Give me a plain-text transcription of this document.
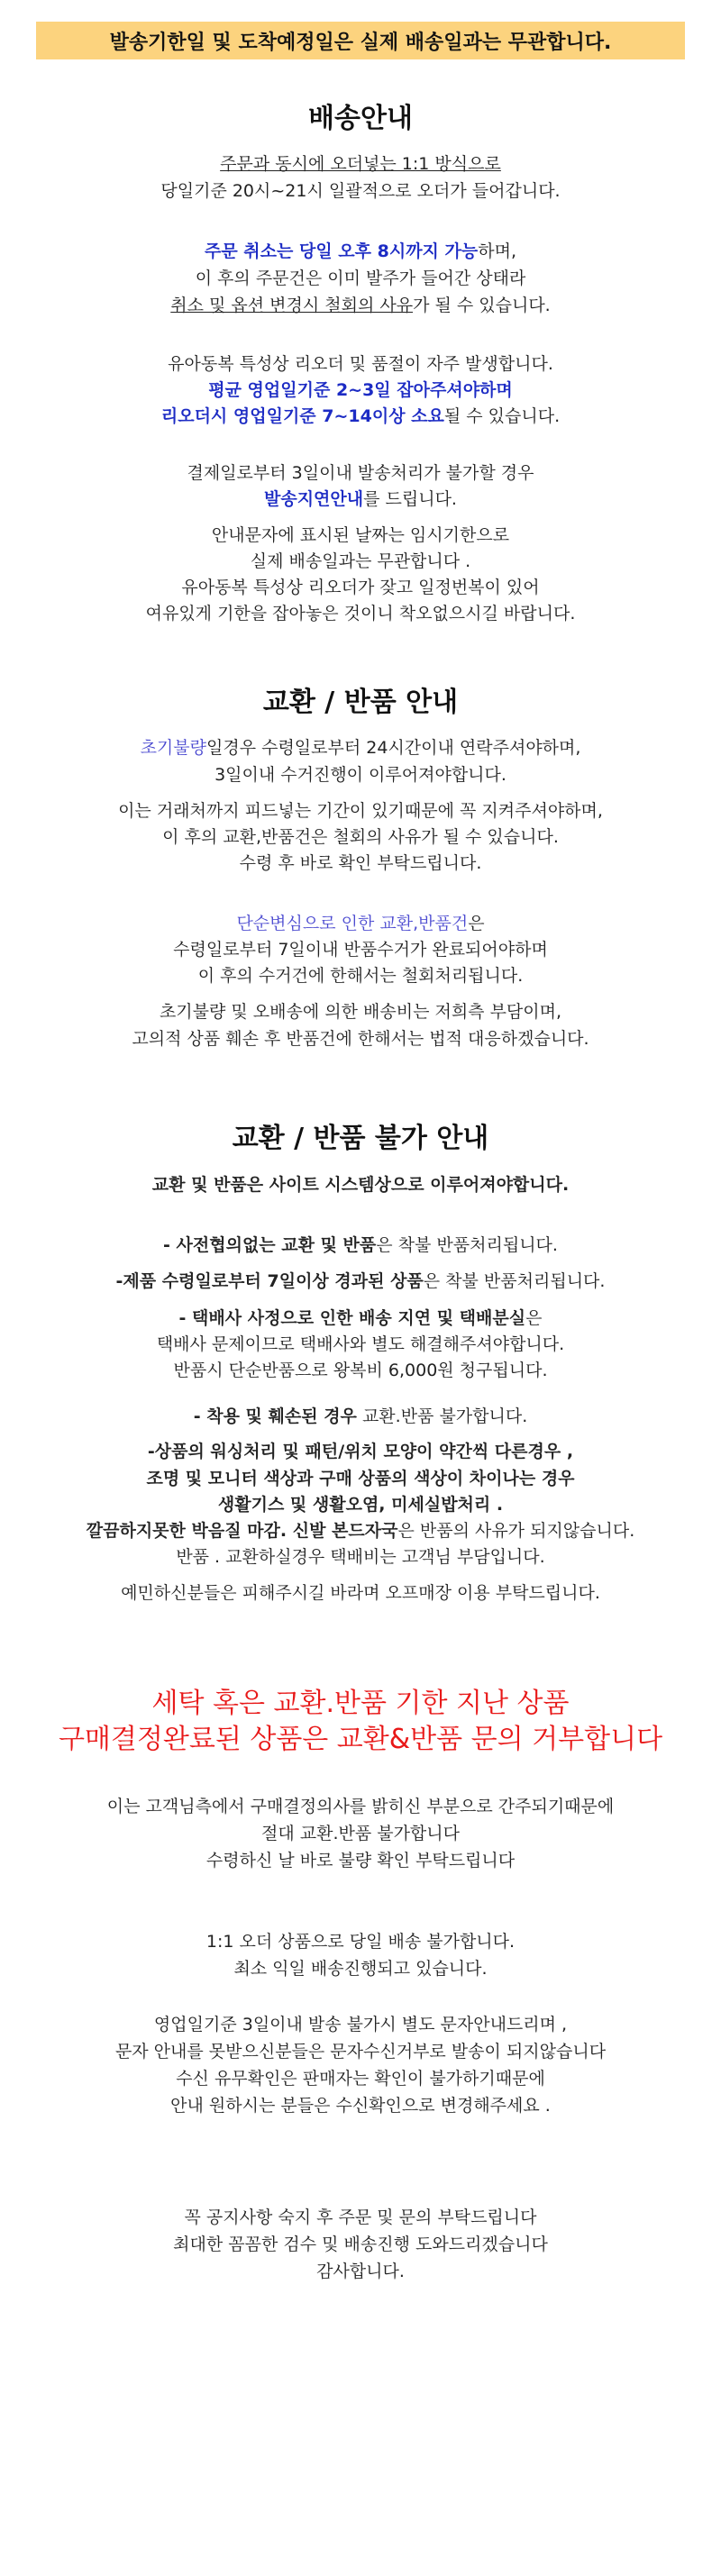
발송기한일 및 도착예정일은 실제 배송일과는 무관합니다.
배송안내
주문과 동시에 오더넣는 1:1 방식으로
당일기준 20시~21시 일괄적으로 오더가 들어갑니다.
주문 취소는 당일 오후 8시까지 가능하며,
이 후의 주문건은 이미 발주가 들어간 상태라
취소 및 옵션 변경시 철회의 사유가 될 수 있습니다.
유아동복 특성상 리오더 및 품절이 자주 발생합니다.
평균 영업일기준 2~3일 잡아주셔야하며
리오더시 영업일기준 7~14이상 소요될 수 있습니다.
결제일로부터 3일이내 발송처리가 불가할 경우
발송지연안내를 드립니다.
안내문자에 표시된 날짜는 임시기한으로
실제 배송일과는 무관합니다 .
유아동복 특성상 리오더가 잦고 일정번복이 있어
여유있게 기한을 잡아놓은 것이니 착오없으시길 바랍니다.
교환 / 반품 안내
초기불량일경우 수령일로부터 24시간이내 연락주셔야하며,
3일이내 수거진행이 이루어져야합니다.
이는 거래처까지 피드넣는 기간이 있기때문에 꼭 지켜주셔야하며,
이 후의 교환,반품건은 철회의 사유가 될 수 있습니다.
수령 후 바로 확인 부탁드립니다.
단순변심으로 인한 교환,반품건은
수령일로부터 7일이내 반품수거가 완료되어야하며
이 후의 수거건에 한해서는 철회처리됩니다.
초기불량 및 오배송에 의한 배송비는 저희측 부담이며,
고의적 상품 훼손 후 반품건에 한해서는 법적 대응하겠습니다.
교환 / 반품 불가 안내
교환 및 반품은 사이트 시스템상으로 이루어져야합니다.
- 사전협의없는 교환 및 반품은 착불 반품처리됩니다.
-제품 수령일로부터 7일이상 경과된 상품은 착불 반품처리됩니다.
- 택배사 사정으로 인한 배송 지연 및 택배분실은
택배사 문제이므로 택배사와 별도 해결해주셔야합니다.
반품시 단순반품으로 왕복비 6,000원 청구됩니다.
- 착용 및 훼손된 경우 교환.반품 불가합니다.
-상품의 워싱처리 및 패턴/위치 모양이 약간씩 다른경우 ,
조명 및 모니터 색상과 구매 상품의 색상이 차이나는 경우
생활기스 및 생활오염, 미세실밥처리 .
깔끔하지못한 박음질 마감. 신발 본드자국은 반품의 사유가 되지않습니다.
반품 . 교환하실경우 택배비는 고객님 부담입니다.
예민하신분들은 피해주시길 바라며 오프매장 이용 부탁드립니다.
세탁 혹은 교환.반품 기한 지난 상품
구매결정완료된 상품은 교환&반품 문의 거부합니다
이는 고객님측에서 구매결정의사를 밝히신 부분으로 간주되기때문에
절대 교환.반품 불가합니다
수령하신 날 바로 불량 확인 부탁드립니다
1:1 오더 상품으로 당일 배송 불가합니다.
최소 익일 배송진행되고 있습니다.
영업일기준 3일이내 발송 불가시 별도 문자안내드리며 ,
문자 안내를 못받으신분들은 문자수신거부로 발송이 되지않습니다
수신 유무확인은 판매자는 확인이 불가하기때문에
안내 원하시는 분들은 수신확인으로 변경해주세요 .
꼭 공지사항 숙지 후 주문 및 문의 부탁드립니다
최대한 꼼꼼한 검수 및 배송진행 도와드리겠습니다
감사합니다.
